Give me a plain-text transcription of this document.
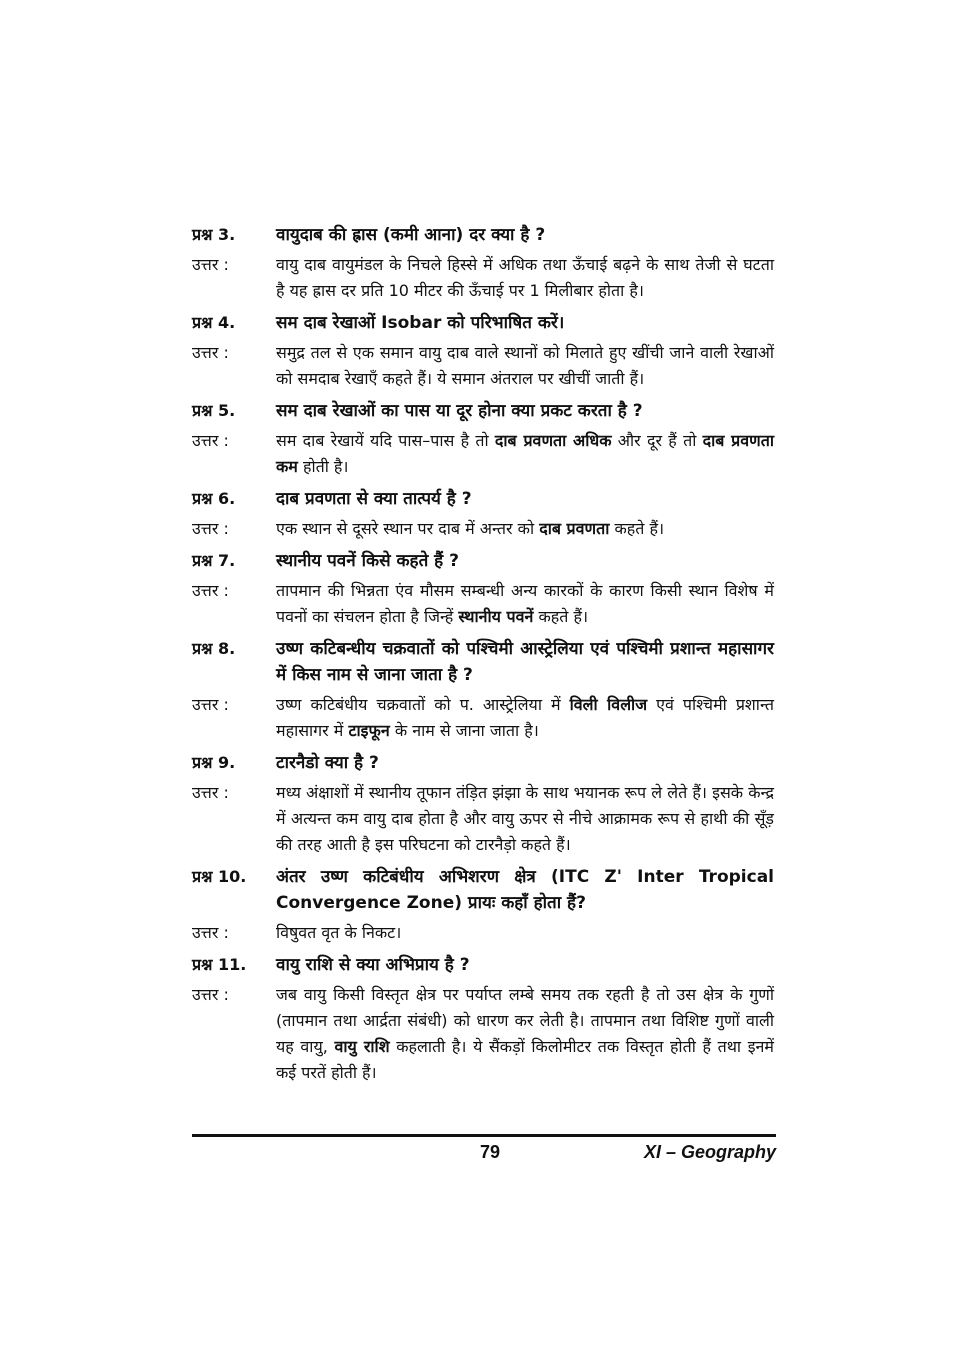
प्रश्न 3.	वायुदाब की ह्रास (कमी आना) दर क्या है ?
उत्तर :	वायु दाब वायुमंडल के निचले हिस्से में अधिक तथा ऊँचाई बढ़ने के साथ तेजी से घटता है यह ह्रास दर प्रति 10 मीटर की ऊँचाई पर 1 मिलीबार होता है।
प्रश्न 4.	सम दाब रेखाओं Isobar को परिभाषित करें।
उत्तर :	समुद्र तल से एक समान वायु दाब वाले स्थानों को मिलाते हुए खींची जाने वाली रेखाओं को समदाब रेखाएँ कहते हैं। ये समान अंतराल पर खीचीं जाती हैं।
प्रश्न 5.	सम दाब रेखाओं का पास या दूर होना क्या प्रकट करता है ?
उत्तर :	सम दाब रेखायें यदि पास–पास है तो दाब प्रवणता अधिक और दूर हैं तो दाब प्रवणता कम होती है।
प्रश्न 6.	दाब प्रवणता से क्या तात्पर्य है ?
उत्तर :	एक स्थान से दूसरे स्थान पर दाब में अन्तर को दाब प्रवणता कहते हैं।
प्रश्न 7.	स्थानीय पवनें किसे कहते हैं ?
उत्तर :	तापमान की भिन्नता एंव मौसम सम्बन्धी अन्य कारकों के कारण किसी स्थान विशेष में पवनों का संचलन होता है जिन्हें स्थानीय पवनें कहते हैं।
प्रश्न 8.	उष्ण कटिबन्धीय चक्रवातों को पश्चिमी आस्ट्रेलिया एवं पश्चिमी प्रशान्त महासागर में किस नाम से जाना जाता है ?
उत्तर :	उष्ण कटिबंधीय चक्रवातों को प. आस्ट्रेलिया में विली विलीज एवं पश्चिमी प्रशान्त महासागर में टाइफून के नाम से जाना जाता है।
प्रश्न 9.	टारनैडो क्या है ?
उत्तर :	मध्य अंक्षाशों में स्थानीय तूफान तंड़ित झंझा के साथ भयानक रूप ले लेते हैं। इसके केन्द्र में अत्यन्त कम वायु दाब होता है और वायु ऊपर से नीचे आक्रामक रूप से हाथी की सूँड़ की तरह आती है इस परिघटना को टारनैड़ो कहते हैं।
प्रश्न 10.	अंतर उष्ण कटिबंधीय अभिशरण क्षेत्र (ITC Z' Inter Tropical Convergence Zone) प्रायः कहाँ होता हैं?
उत्तर :	विषुवत वृत के निकट।
प्रश्न 11.	वायु राशि से क्या अभिप्राय है ?
उत्तर :	जब वायु किसी विस्तृत क्षेत्र पर पर्याप्त लम्बे समय तक रहती है तो उस क्षेत्र के गुणों (तापमान तथा आर्द्रता संबंधी) को धारण कर लेती है। तापमान तथा विशिष्ट गुणों वाली यह वायु, वायु राशि कहलाती है। ये सैंकड़ों किलोमीटर तक विस्तृत होती हैं तथा इनमें कई परतें होती हैं।
79	XI – Geography
